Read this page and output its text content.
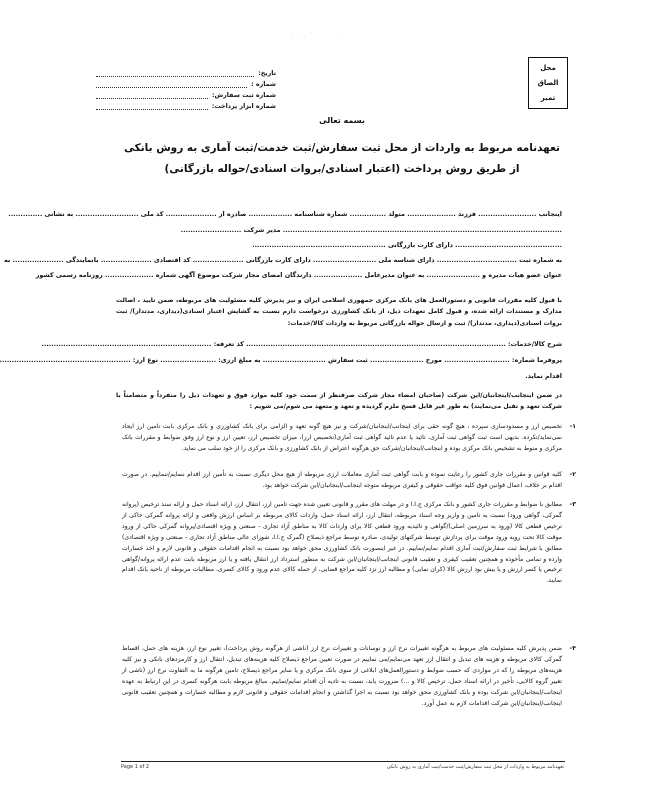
. · . · · .
محل
الصاق
تمبر
تاریخ:
شماره :
شماره ثبت سفارش:
شماره ابزار پرداخت:
بسمه تعالی
تعهدنامه مربوط به واردات از محل ثبت سفارش/ثبت خدمت/ثبت آماری به روش بانکی
از طریق روش پرداخت (اعتبار اسنادی/بروات اسنادی/حواله بازرگانی)
اینجانب ........................ فرزند .................... متولد ............... شماره شناسنامه .................. صادره از ..................... کد ملی .......................... به نشانی ..............
................................................................................................................... مدیر شرکت .........................
............................................ دارای کارت بازرگانی .......................................................
به شماره ثبت ................................. دارای شناسه ملی .......................... دارای کارت بازرگانی ..................... کد اقتصادی ..................... بانمایندگی ..................... به
عنوان عضو هیات مدیره و ...................... به عنوان مدیرعامل .................... دارندگان امضای مجاز شرکت موضوع آگهی شماره .................... روزنامه رسمی کشور
با قبول کلیه مقررات قانونی و دستورالعمل های بانک مرکزی جمهوری اسلامی ایران و نیز پذیرش کلیه مسئولیت های مربوطه، ضمن تایید ، اصالت مدارک و مستندات ارائه شده، و قبول کامل تعهدات ذیل، از بانک کشاورزی درخواست دارم نسبت به گشایش اعتبار اسنادی(دیداری، مدتدار)/ ثبت بروات اسنادی(دیداری، مدتدار)/ ثبت و ارسال حواله بازرگانی مربوط به واردات کالا/خدمات:
شرح کالا/خدمات: ........................................................................................................... کد تعرفه: ......................................................................
پروفرما شماره: ........................... مورخ ...................... ثبت سفارش .......................... به مبلغ ارزی: ....................... نوع ارز: ......................................................
اقدام نماید.
در ضمن اینجانب/اینجانبان/این شرکت (صاحبان امضاء مجاز شرکت صرفنظر از سمت خود کلیه موارد فوق و تعهدات ذیل را منفرداً و متضامناً با شرکت تعهد و تقبل می‌نمایند) به طور غیر قابل فسخ ملزم گردیده و تعهد و متعهد می شوم/می شویم :
۱-
تخصیص ارز و مسدودسازی سپرده ، هیچ گونه حقی برای اینجانب/اینجانبان/شرکت و نیز هیچ گونه تعهد و الزامی برای بانک کشاورزی و بانک مرکزی بابت تامین ارز ایجاد نمی‌نماید/نکرده. بدیهی است ثبت گواهی ثبت آماری، تائید یا عدم تائید گواهی ثبت آماری(تخصیص ارز)، میزان تخصیص ارز، تعیین ارز و نوع ارز وفق ضوابط و مقررات بانک مرکزی و منوط به تشخیص بانک مرکزی بوده و اینجانب/اینجانبان/شرکت حق هرگونه اعتراض از بانک کشاورزی و بانک مرکزی را از خود سلب می نماید.
۲-
کلیه قوانین و مقررات جاری کشور را رعایت نموده و بابت گواهی ثبت آماری معاملات ارزی مربوطه از هیچ محل دیگری نسبت به تأمین ارز اقدام ننمایم/ننماییم. در صورت اقدام بر خلاف، اعمال قوانین فوق کلیه عواقب حقوقی و کیفری مربوطه متوجه اینجانب/اینجانبان/این شرکت خواهد بود.
۳-
مطابق با ضوابط و مقررات جاری کشور و بانک مرکزی ج.ا.ا و در مهلت های مقرر و قانونی تعیین شده جهت تامین ارز، انتقال ارز، ارائه اسناد حمل و ارائه سند ترخیص (پروانه گمرکی، گواهی ورود) نسبت به تامین و واریز وجه اسناد مربوطه، انتقال ارز، ارائه اسناد حمل، واردات کالای مربوطه بر اساس ارزش واقعی و ارائه پروانه گمرکی حاکی از ترخیص قطعی کالا (ورود به سرزمین اصلی)/گواهی و تائیدیه ورود قطعی کالا برای واردات کالا به مناطق آزاد تجاری - صنعتی و ویژه اقتصادی/پروانه گمرکی حاکی از ورود موقت کالا تحت رویه ورود موقت برای پردازش توسط شرکتهای تولیدی، صادره توسط مراجع ذیصلاح (گمرک ج.ا.ا، شورای عالی مناطق آزاد تجاری - صنعتی و ویژه اقتصادی) مطابق با شرایط ثبت سفارش/ثبت آماری اقدام نمایم/نماییم. در غیر اینصورت بانک کشاورزی محق خواهد بود نسبت به انجام اقدامات حقوقی و قانونی لازم و اخذ خسارات وارده و تمامی مأخوذه و همچنین تعقیب کیفری و تعقیب قانونی اینجانب/اینجانبان/این شرکت به منظور استرداد ارز انتقال یافته و یا ارز مربوطه بابت عدم ارائه پروانه/گواهی ترخیص یا کسر ارزش و یا بیش بود ارزش کالا (کران نمایی) و مطالبه ارز نزد کلیه مراجع قضایی، از جمله کالای عدم ورود و کالای کسری، مطالبات مربوطه از ناحیه بانک اقدام نمایند.
۴-
ضمن پذیرش کلیه مسئولیت های مربوط به هرگونه تغییرات نرخ ارز و نوسانات و تغییرات نرخ ارز (ناشی از هرگونه روش پرداخت)، تغییر نوع ارز، هزینه های حمل، اقساط گمرکی کالای مربوطه و هزینه های تبدیل و انتقال ارز تعهد می‌نمایم/می نماییم در صورت تعیین مراجع ذیصلاح کلیه هزینه‌های تبدیل، انتقال ارز و کارمزدهای بانکی و نیز کلیه هزینه‌های مربوطه را که در مواردی که حسب ضوابط و دستورالعمل‌های ابلاغی از سوی بانک مرکزی و یا سایر مراجع ذیصلاح، تامین هرگونه ما به التفاوت نرخ ارز (ناشی از تغییر گروه کالایی، تأخیر در ارائه اسناد حمل، ترخیص کالا و ...) ضرورت یابد، نسبت به تادیه آن اقدام نمایم/نماییم. مبالغ مربوطه بابت هرگونه کسری در این ارتباط به عهده اینجانب/اینجانبان/این شرکت بوده و بانک کشاورزی محق خواهد بود نسبت به اجرا گذاشتن و انجام اقدامات حقوقی و قانونی لازم و مطالبه خسارات و همچنین تعقیب قانونی اینجانب/اینجانبان/این شرکت اقدامات لازم به عمل آورد.
تعهدنامه مربوط به واردات از محل ثبت سفارش/ثبت خدمت/ثبت آماری به روش بانکی
Page 1 of 2
